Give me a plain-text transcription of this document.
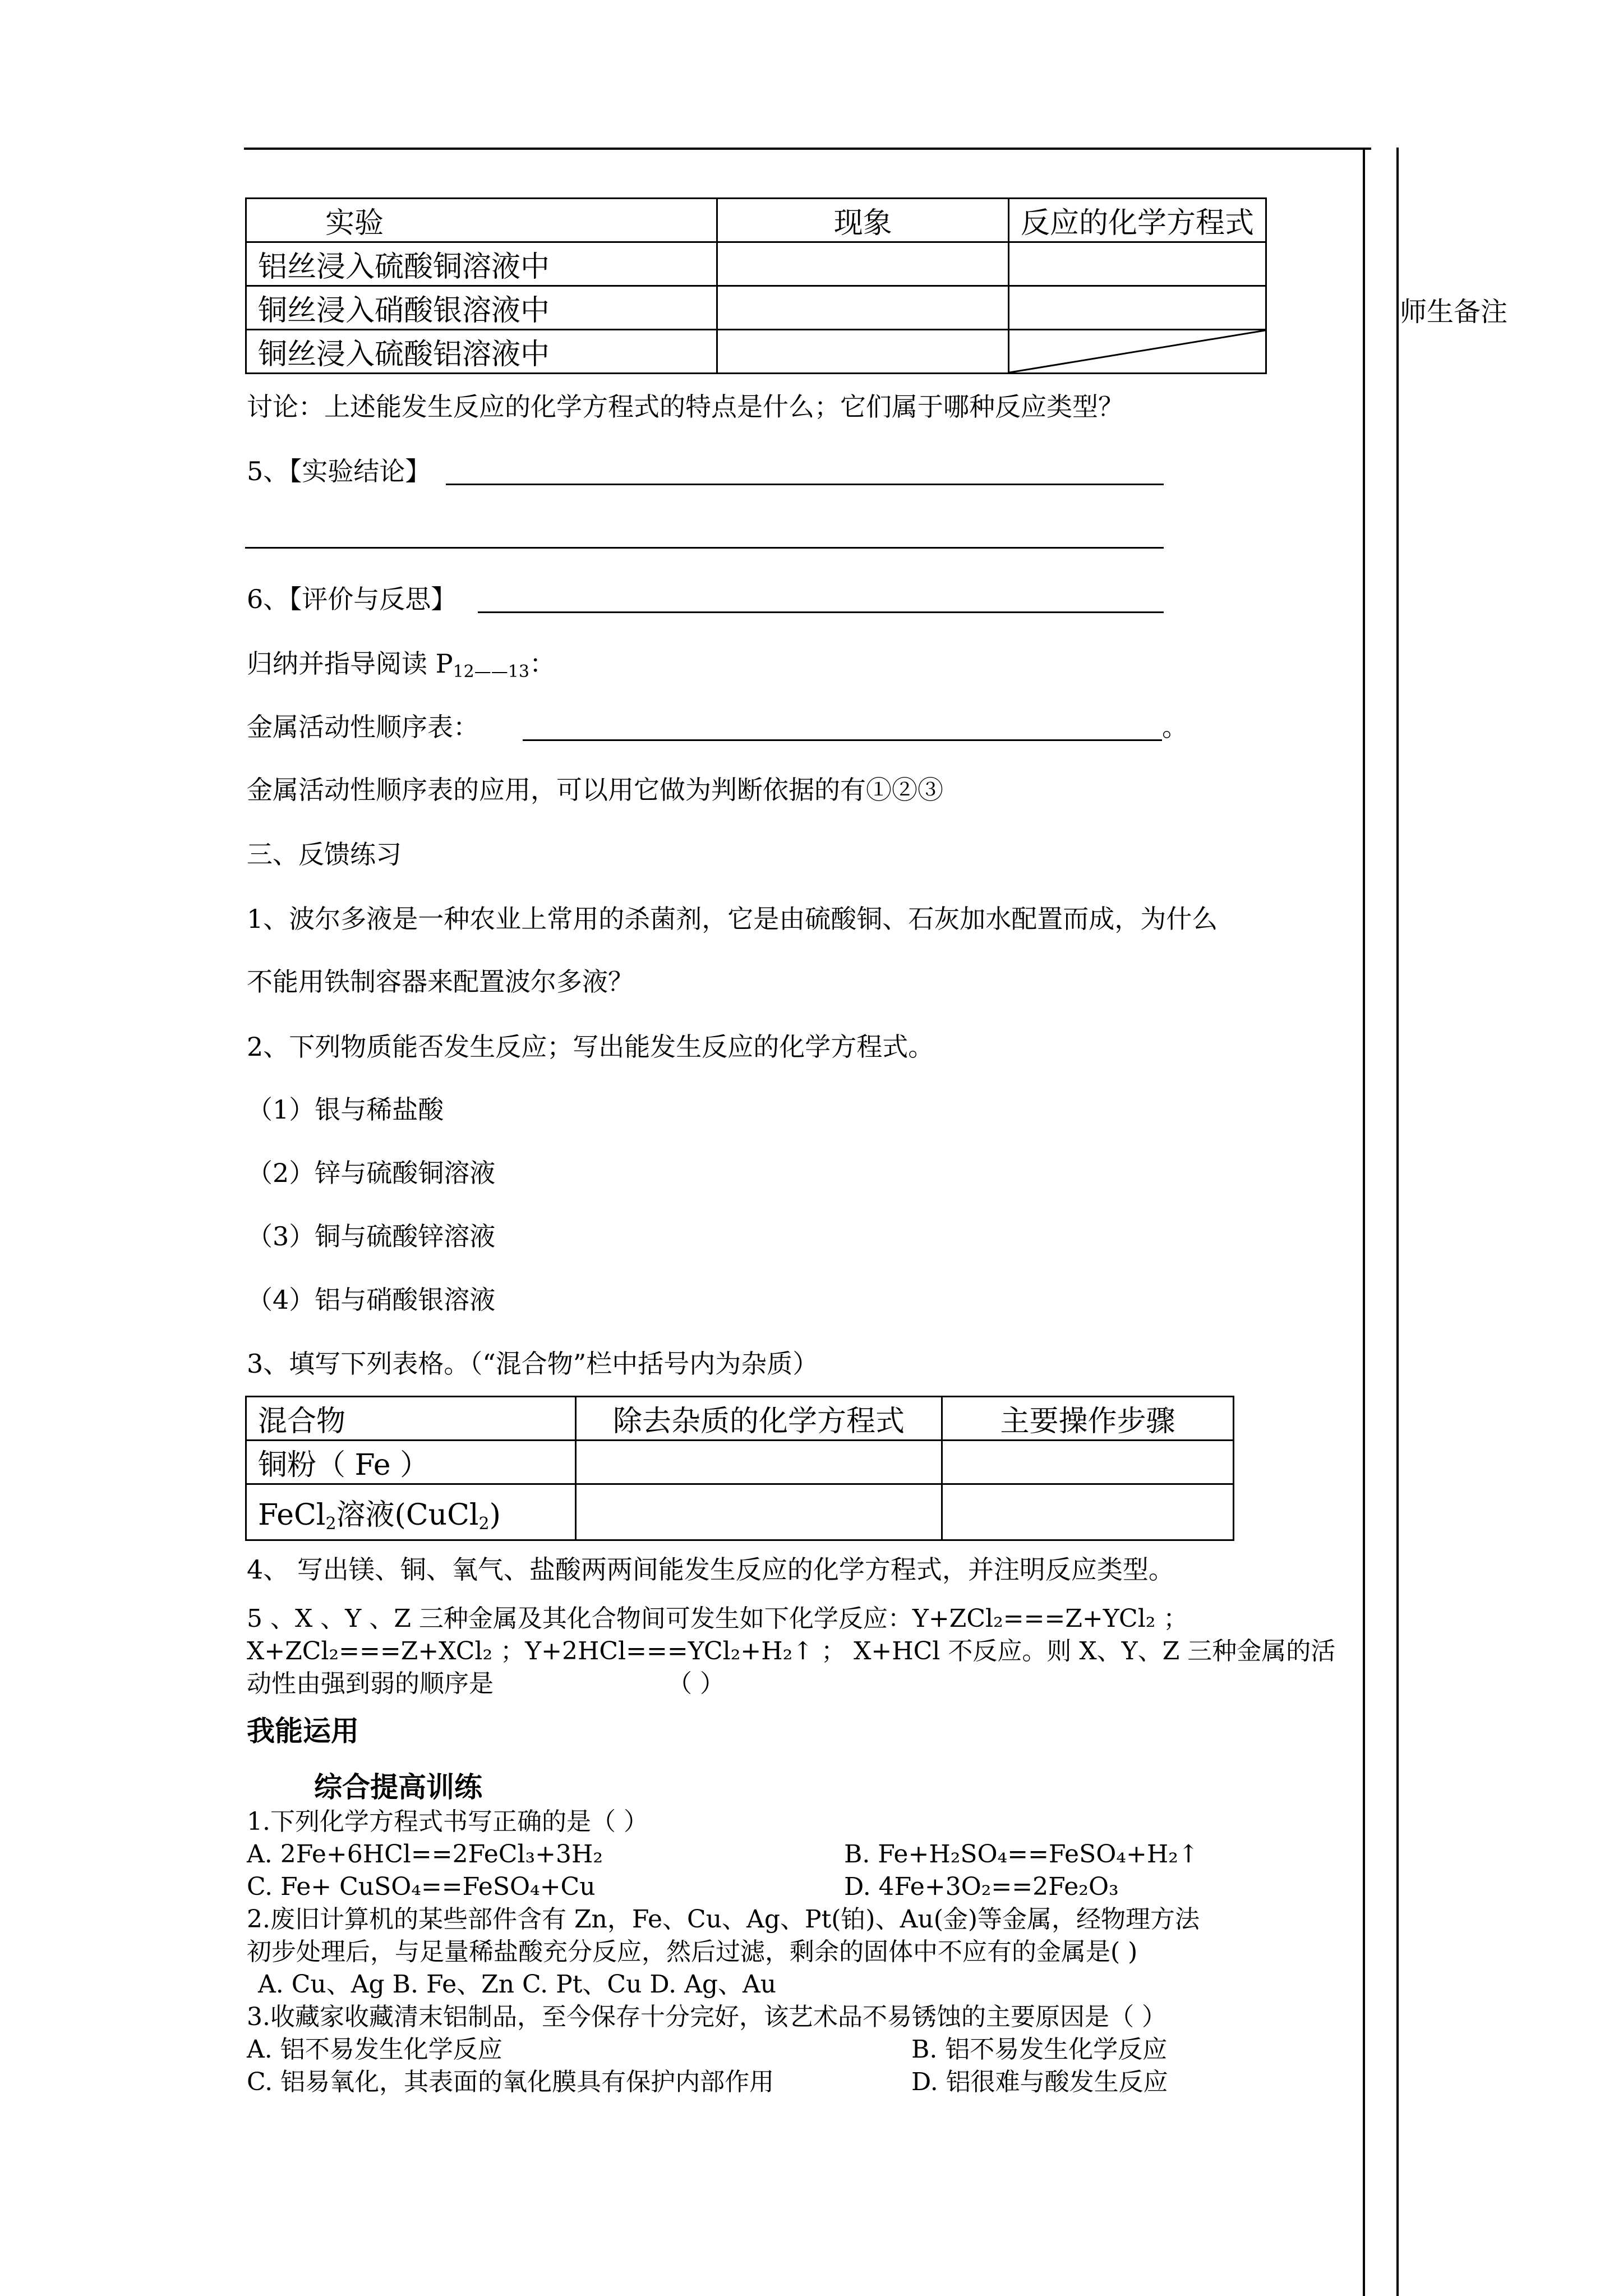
师生备注
实验	现象	反应的化学方程式
铝丝浸入硫酸铜溶液中		
铜丝浸入硝酸银溶液中		
铜丝浸入硫酸铝溶液中		
讨论：上述能发生反应的化学方程式的特点是什么；它们属于哪种反应类型？
5、【实验结论】
6、【评价与反思】
归纳并指导阅读 $P_{12——13}$：
金属活动性顺序表：	。
金属活动性顺序表的应用，可以用它做为判断依据的有①②③
三、反馈练习
1、波尔多液是一种农业上常用的杀菌剂，它是由硫酸铜、石灰加水配置而成，为什么
不能用铁制容器来配置波尔多液？
2、下列物质能否发生反应；写出能发生反应的化学方程式。
（1）银与稀盐酸
（2）锌与硫酸铜溶液
（3）铜与硫酸锌溶液
（4）铝与硝酸银溶液
3、填写下列表格。（“混合物”栏中括号内为杂质）
混合物	除去杂质的化学方程式	主要操作步骤
铜粉（ Fe ）		
FeCl$_2$溶液(CuCl$_2$)		
4、 写出镁、铜、氧气、盐酸两两间能发生反应的化学方程式，并注明反应类型。
5 、X 、Y 、Z 三种金属及其化合物间可发生如下化学反应：Y+ZCl₂===Z+YCl₂ ；
X+ZCl₂===Z+XCl₂ ；Y+2HCl===YCl₂+H₂↑ ； X+HCl 不反应。则 X、Y、Z 三种金属的活
动性由强到弱的顺序是	（ ）
我能运用
综合提高训练
1.下列化学方程式书写正确的是（ ）
A. 2Fe+6HCl==2FeCl₃+3H₂	B. Fe+H₂SO₄==FeSO₄+H₂↑
C. Fe+ CuSO₄==FeSO₄+Cu	D. 4Fe+3O₂==2Fe₂O₃
2.废旧计算机的某些部件含有 Zn，Fe、Cu、Ag、Pt(铂)、Au(金)等金属，经物理方法
初步处理后，与足量稀盐酸充分反应，然后过滤，剩余的固体中不应有的金属是( )
A. Cu、Ag B. Fe、Zn C. Pt、Cu D. Ag、Au
3.收藏家收藏清末铝制品，至今保存十分完好，该艺术品不易锈蚀的主要原因是（ ）
A. 铝不易发生化学反应	B. 铝不易发生化学反应
C. 铝易氧化，其表面的氧化膜具有保护内部作用	D. 铝很难与酸发生反应
